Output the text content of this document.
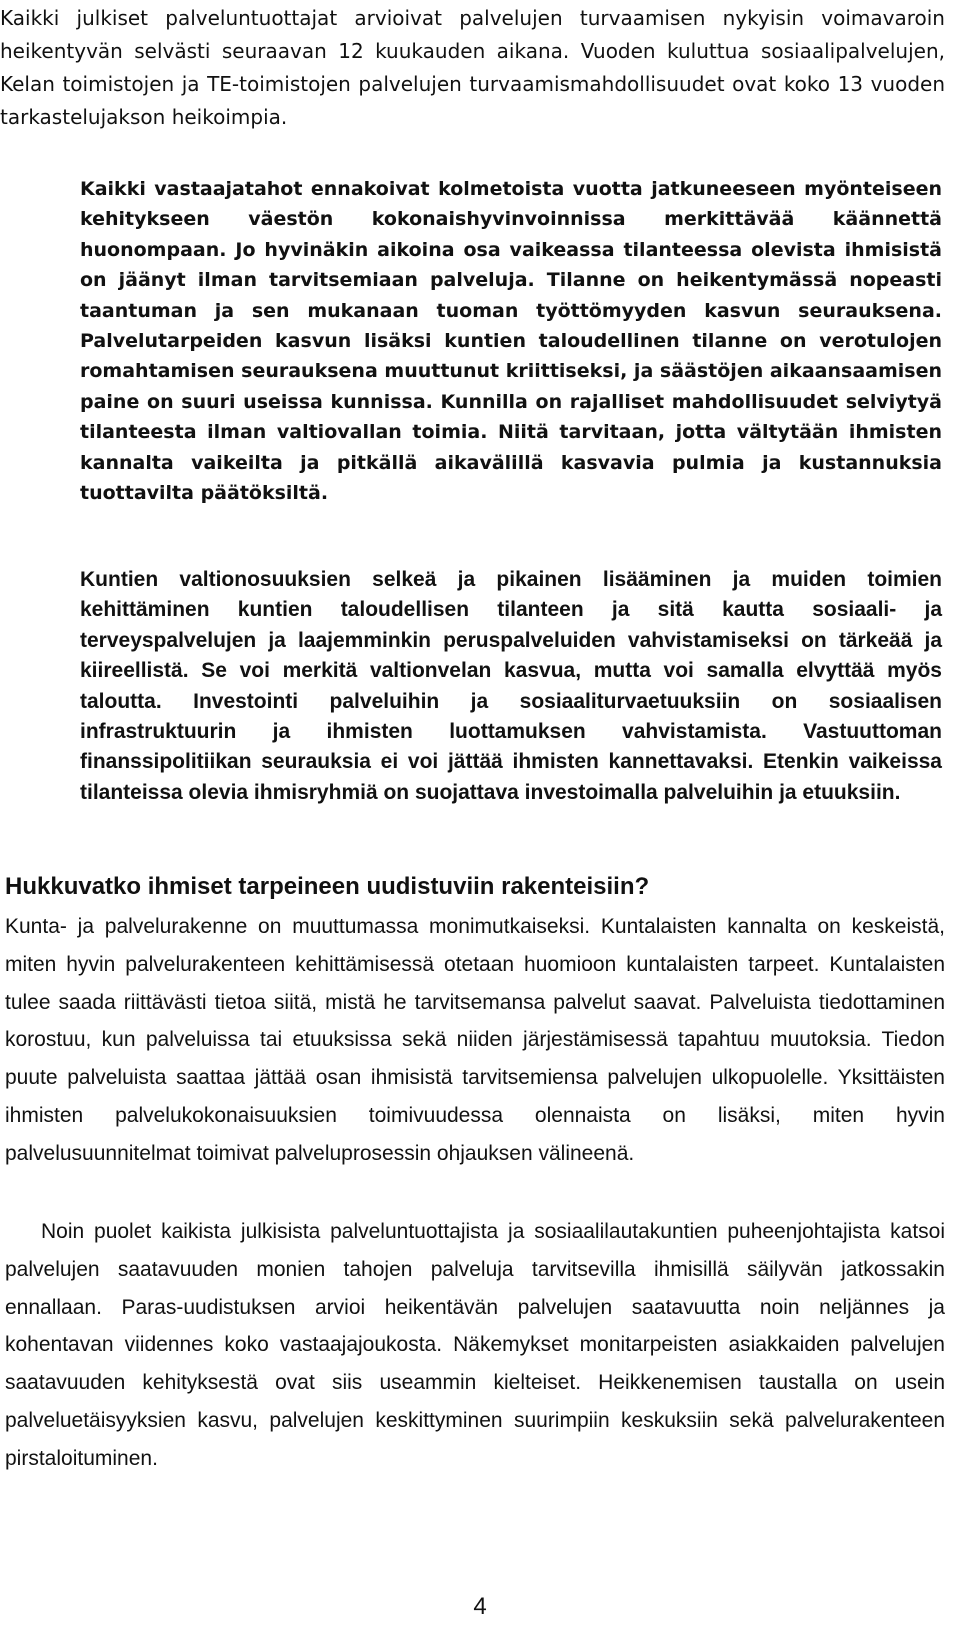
Kaikki julkiset palveluntuottajat arvioivat palvelujen turvaamisen nykyisin voimavaroin heikentyvän selvästi seuraavan 12 kuukauden aikana. Vuoden kuluttua sosiaalipalvelujen, Kelan toimistojen ja TE-toimistojen palvelujen turvaamismahdollisuudet ovat koko 13 vuoden tarkastelujakson heikoimpia.

Kaikki vastaajatahot ennakoivat kolmetoista vuotta jatkuneeseen myönteiseen kehitykseen väestön kokonaishyvinvoinnissa merkittävää käännettä huonompaan. Jo hyvinäkin aikoina osa vaikeassa tilanteessa olevista ihmisistä on jäänyt ilman tarvitsemiaan palveluja. Tilanne on heikentymässä nopeasti taantuman ja sen mukanaan tuoman työttömyyden kasvun seurauksena. Palvelutarpeiden kasvun lisäksi kuntien taloudellinen tilanne on verotulojen romahtamisen seurauksena muuttunut kriittiseksi, ja säästöjen aikaansaamisen paine on suuri useissa kunnissa. Kunnilla on rajalliset mahdollisuudet selviytyä tilanteesta ilman valtiovallan toimia. Niitä tarvitaan, jotta vältytään ihmisten kannalta vaikeilta ja pitkällä aikavälillä kasvavia pulmia ja kustannuksia tuottavilta päätöksiltä.

Kuntien valtionosuuksien selkeä ja pikainen lisääminen ja muiden toimien kehittäminen kuntien taloudellisen tilanteen ja sitä kautta sosiaali- ja terveyspalvelujen ja laajemminkin peruspalveluiden vahvistamiseksi on tärkeää ja kiireellistä. Se voi merkitä valtionvelan kasvua, mutta voi samalla elvyttää myös taloutta. Investointi palveluihin ja sosiaaliturvaetuuksiin on sosiaalisen infrastruktuurin ja ihmisten luottamuksen vahvistamista. Vastuuttoman finanssipolitiikan seurauksia ei voi jättää ihmisten kannettavaksi. Etenkin vaikeissa tilanteissa olevia ihmisryhmiä on suojattava investoimalla palveluihin ja etuuksiin.

Hukkuvatko ihmiset tarpeineen uudistuviin rakenteisiin?

Kunta- ja palvelurakenne on muuttumassa monimutkaiseksi. Kuntalaisten kannalta on keskeistä, miten hyvin palvelurakenteen kehittämisessä otetaan huomioon kuntalaisten tarpeet. Kuntalaisten tulee saada riittävästi tietoa siitä, mistä he tarvitsemansa palvelut saavat. Palveluista tiedottaminen korostuu, kun palveluissa tai etuuksissa sekä niiden järjestämisessä tapahtuu muutoksia. Tiedon puute palveluista saattaa jättää osan ihmisistä tarvitsemiensa palvelujen ulkopuolelle. Yksittäisten ihmisten palvelukokonaisuuksien toimivuudessa olennaista on lisäksi, miten hyvin palvelusuunnitelmat toimivat palveluprosessin ohjauksen välineenä.

Noin puolet kaikista julkisista palveluntuottajista ja sosiaalilautakuntien puheenjohtajista katsoi palvelujen saatavuuden monien tahojen palveluja tarvitsevilla ihmisillä säilyvän jatkossakin ennallaan. Paras-uudistuksen arvioi heikentävän palvelujen saatavuutta noin neljännes ja kohentavan viidennes koko vastaajajoukosta. Näkemykset monitarpeisten asiakkaiden palvelujen saatavuuden kehityksestä ovat siis useammin kielteiset. Heikkenemisen taustalla on usein palveluetäisyyksien kasvu, palvelujen keskittyminen suurimpiin keskuksiin sekä palvelurakenteen pirstaloituminen.

4
